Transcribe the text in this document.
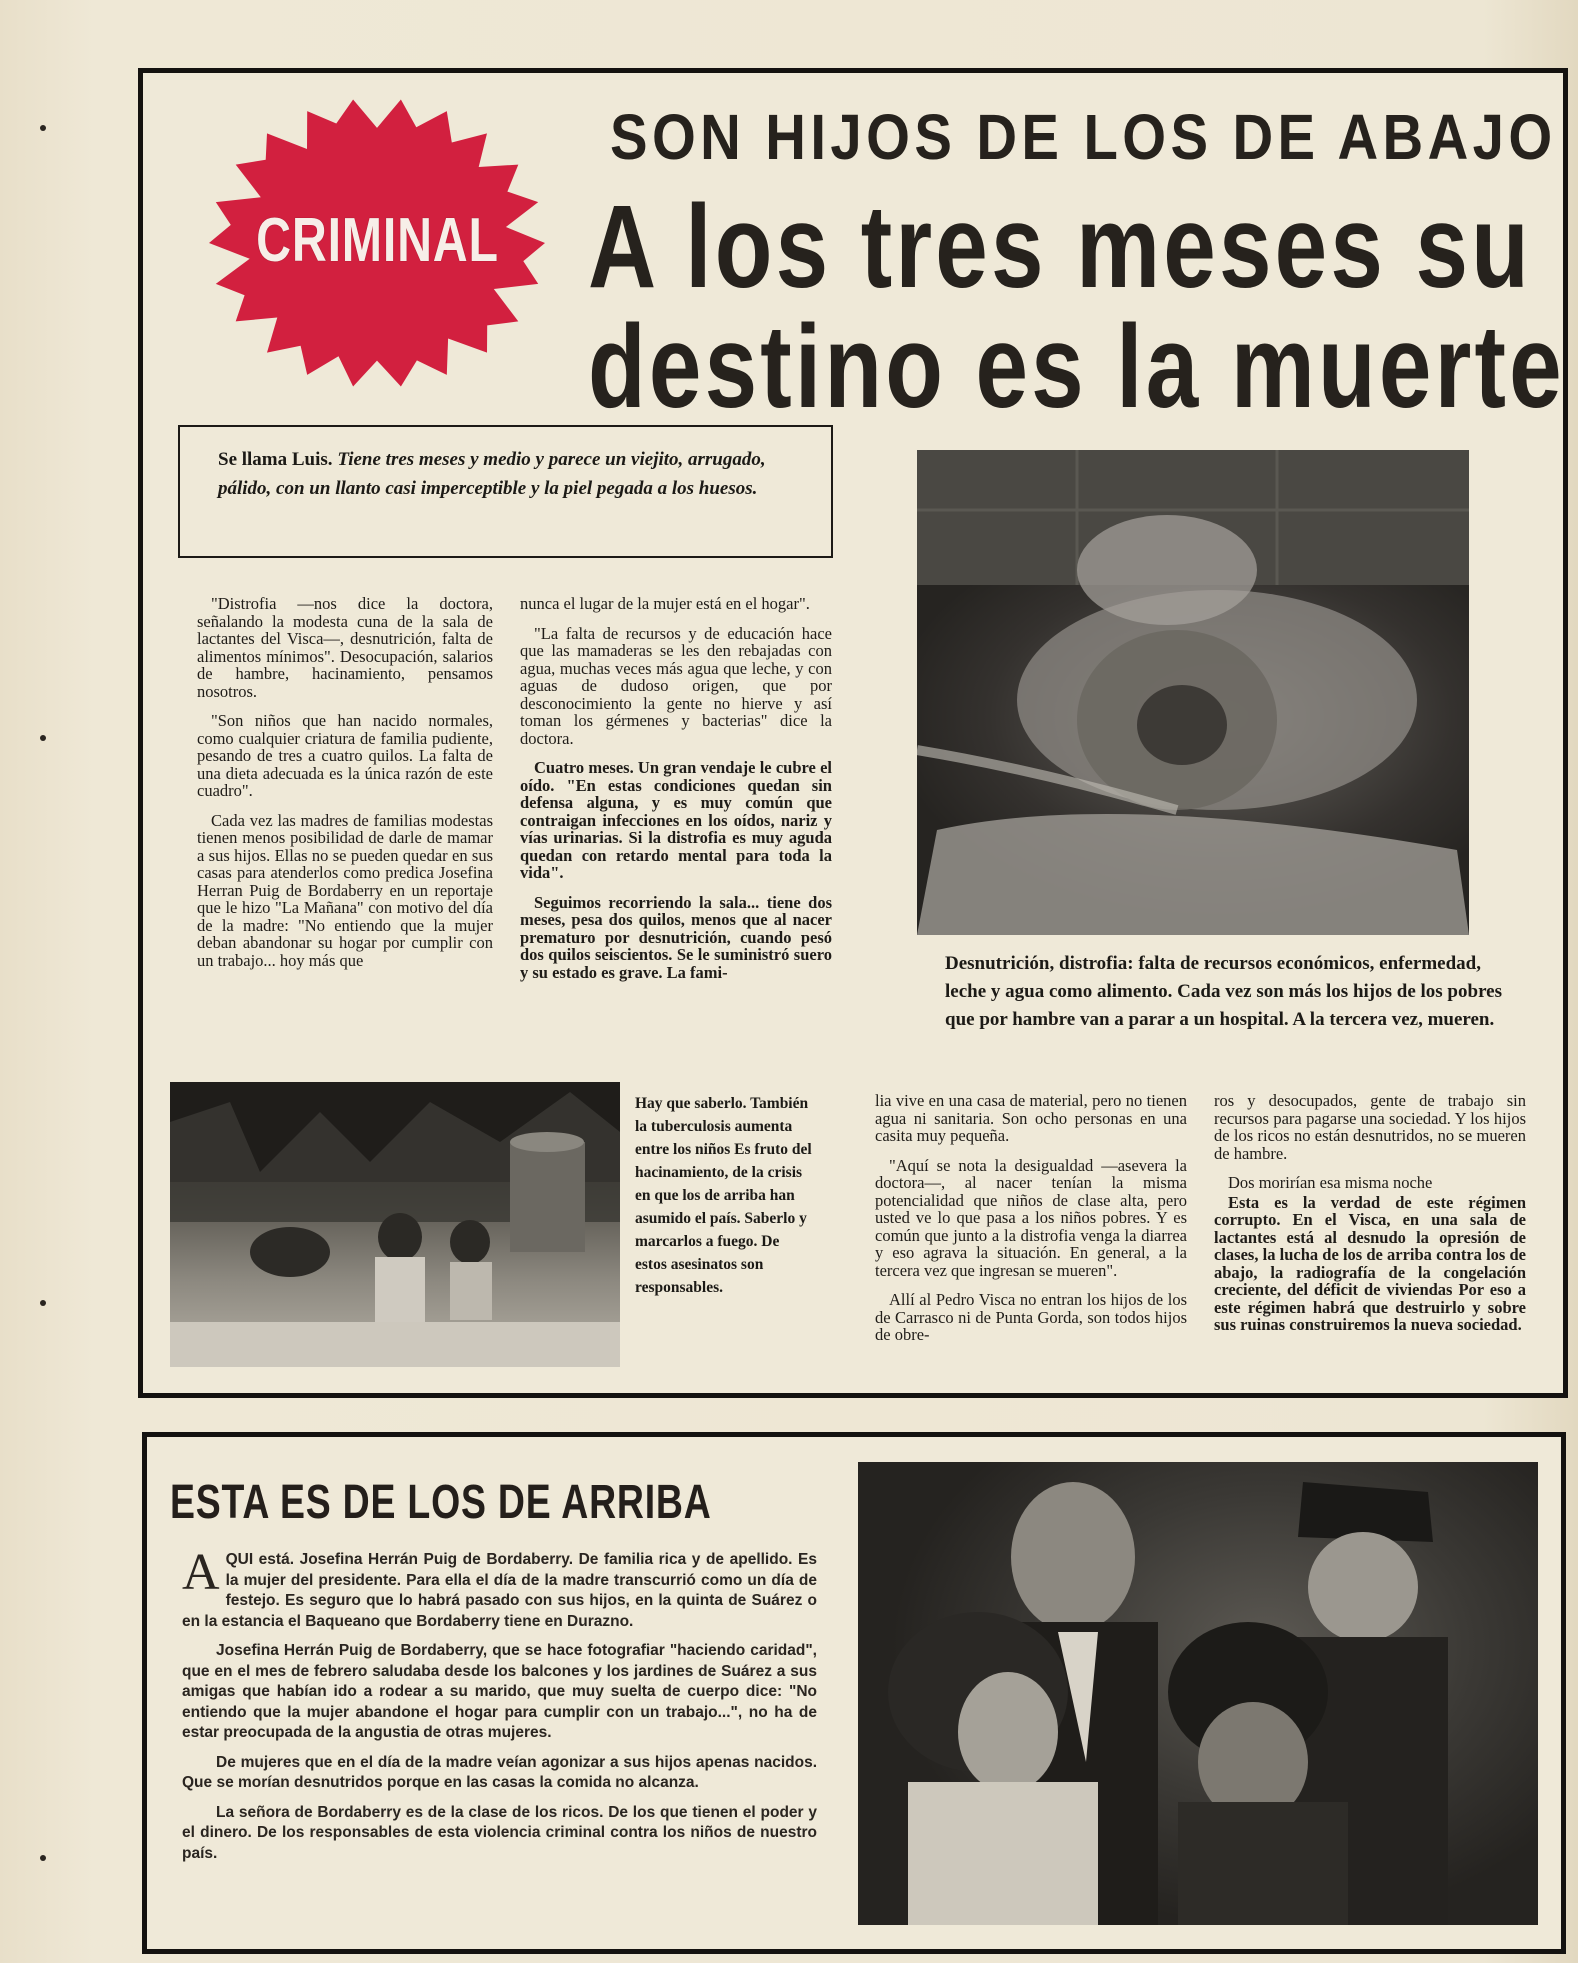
CRIMINAL
SON HIJOS DE LOS DE ABAJO
A los tres meses su
destino es la muerte
Se llama Luis. Tiene tres meses y medio y parece un viejito, arrugado, pálido, con un llanto casi imperceptible y la piel pegada a los huesos.

"Distrofia —nos dice la doctora, señalando la modesta cuna de la sala de lactantes del Visca—, desnutrición, falta de alimentos mínimos". Desocupación, salarios de hambre, hacinamiento, pensamos nosotros.

"Son niños que han nacido normales, como cualquier criatura de familia pudiente, pesando de tres a cuatro quilos. La falta de una dieta adecuada es la única razón de este cuadro".

Cada vez las madres de familias modestas tienen menos posibilidad de darle de mamar a sus hijos. Ellas no se pueden quedar en sus casas para atenderlos como predica Josefina Herran Puig de Bordaberry en un reportaje que le hizo "La Mañana" con motivo del día de la madre: "No entiendo que la mujer deban abandonar su hogar por cumplir con un trabajo... hoy más que

nunca el lugar de la mujer está en el hogar".

"La falta de recursos y de educación hace que las mamaderas se les den rebajadas con agua, muchas veces más agua que leche, y con aguas de dudoso origen, que por desconocimiento la gente no hierve y así toman los gérmenes y bacterias" dice la doctora.

Cuatro meses. Un gran vendaje le cubre el oído. "En estas condiciones quedan sin defensa alguna, y es muy común que contraigan infecciones en los oídos, nariz y vías urinarias. Si la distrofia es muy aguda quedan con retardo mental para toda la vida".

Seguimos recorriendo la sala... tiene dos meses, pesa dos quilos, menos que al nacer prematuro por desnutrición, cuando pesó dos quilos seiscientos. Se le suministró suero y su estado es grave. La fami-	Desnutrición, distrofia: falta de recursos económicos, enfermedad, leche y agua como alimento. Cada vez son más los hijos de los pobres que por hambre van a parar a un hospital. A la tercera vez, mueren.
Hay que saberlo. También la tuberculosis aumenta entre los niños Es fruto del hacinamiento, de la crisis en que los de arriba han asumido el país. Saberlo y marcarlos a fuego. De estos asesinatos son responsables.

lia vive en una casa de material, pero no tienen agua ni sanitaria. Son ocho personas en una casita muy pequeña.

"Aquí se nota la desigualdad —asevera la doctora—, al nacer tenían la misma potencialidad que niños de clase alta, pero usted ve lo que pasa a los niños pobres. Y es común que junto a la distrofia venga la diarrea y eso agrava la situación. En general, a la tercera vez que ingresan se mueren".

Allí al Pedro Visca no entran los hijos de los de Carrasco ni de Punta Gorda, son todos hijos de obre-

ros y desocupados, gente de trabajo sin recursos para pagarse una sociedad. Y los hijos de los ricos no están desnutridos, no se mueren de hambre.

Dos morirían esa misma noche

Esta es la verdad de este régimen corrupto. En el Visca, en una sala de lactantes está al desnudo la opresión de clases, la lucha de los de arriba contra los de abajo, la radiografía de la congelación creciente, del déficit de viviendas Por eso a este régimen habrá que destruirlo y sobre sus ruinas construiremos la nueva sociedad.

ESTA ES DE LOS DE ARRIBA

AQUI está. Josefina Herrán Puig de Bordaberry. De familia rica y de apellido. Es la mujer del presidente. Para ella el día de la madre transcurrió como un día de festejo. Es seguro que lo habrá pasado con sus hijos, en la quinta de Suárez o en la estancia el Baqueano que Bordaberry tiene en Durazno.

Josefina Herrán Puig de Bordaberry, que se hace fotografiar "haciendo caridad", que en el mes de febrero saludaba desde los balcones y los jardines de Suárez a sus amigas que habían ido a rodear a su marido, que muy suelta de cuerpo dice: "No entiendo que la mujer abandone el hogar para cumplir con un trabajo...", no ha de estar preocupada de la angustia de otras mujeres.

De mujeres que en el día de la madre veían agonizar a sus hijos apenas nacidos. Que se morían desnutridos porque en las casas la comida no alcanza.

La señora de Bordaberry es de la clase de los ricos. De los que tienen el poder y el dinero. De los responsables de esta violencia criminal contra los niños de nuestro país.
